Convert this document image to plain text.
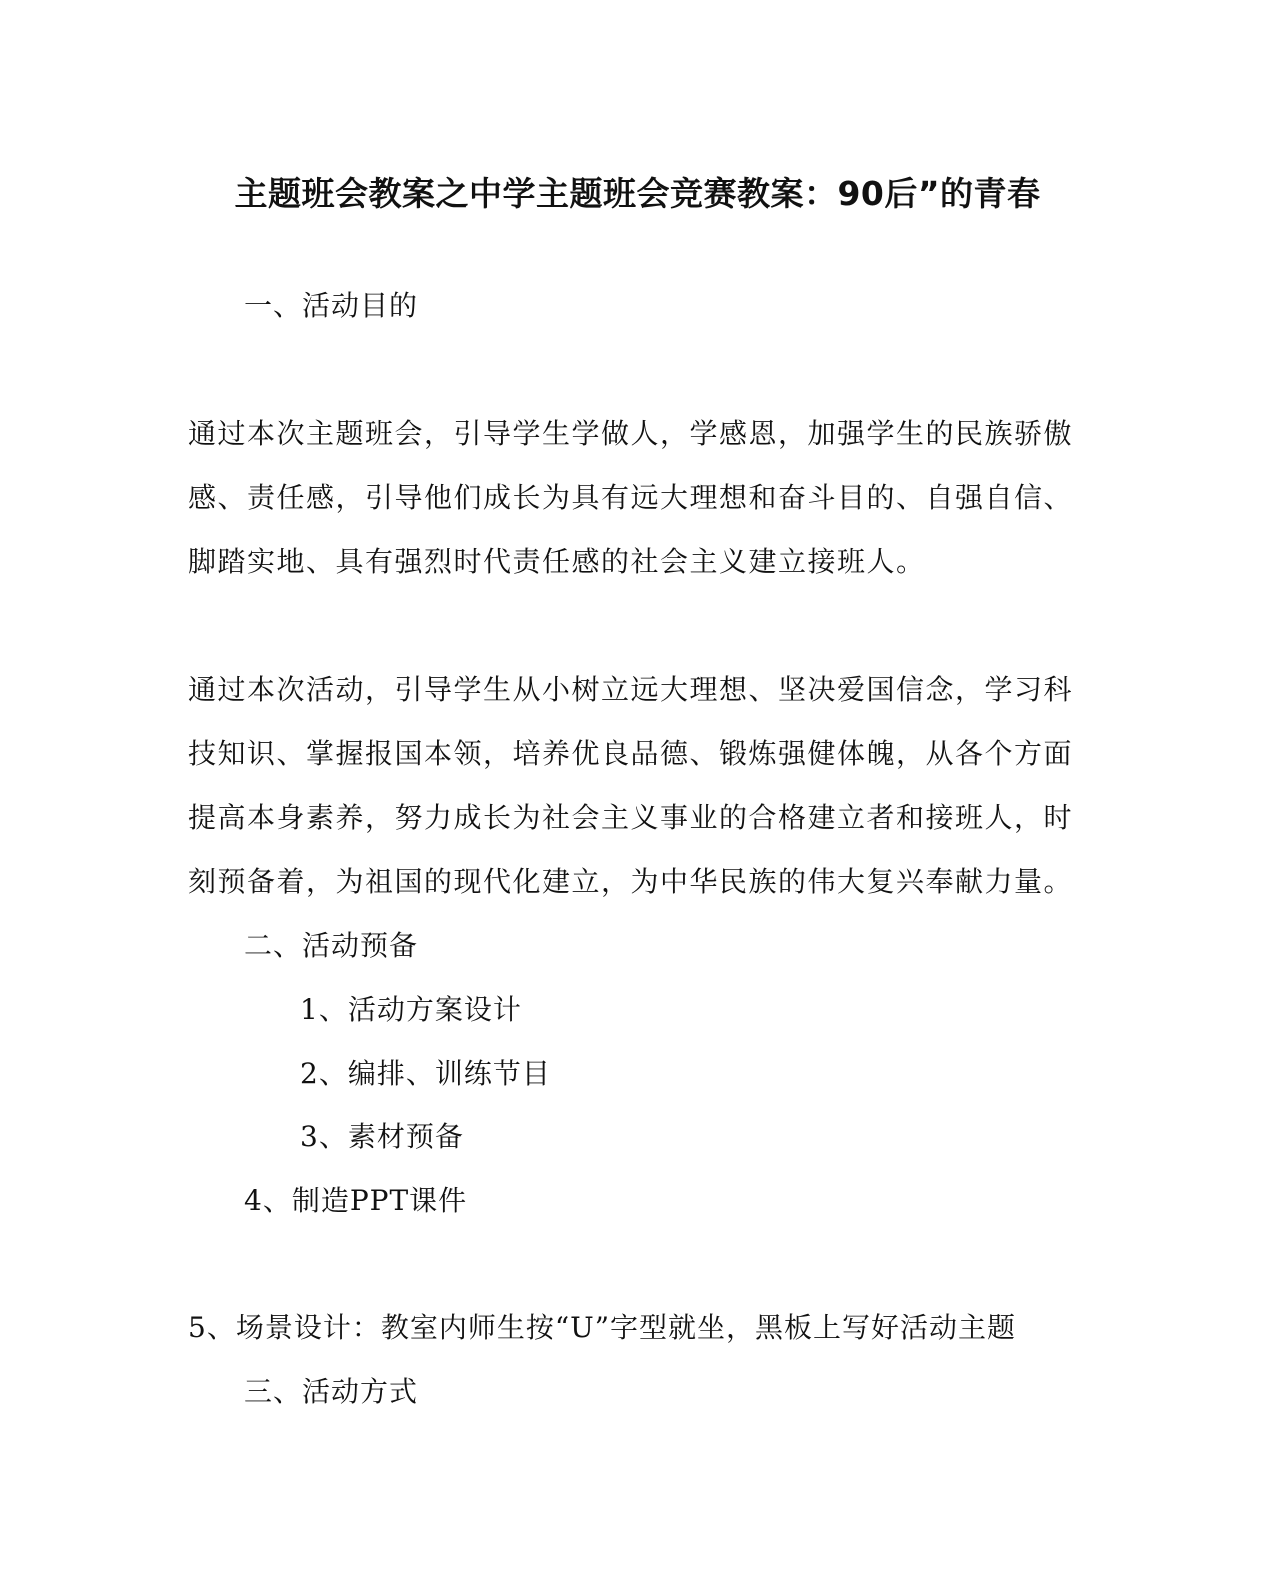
主题班会教案之中学主题班会竞赛教案：90后”的青春
一、活动目的
通过本次主题班会，引导学生学做人，学感恩，加强学生的民族骄傲
感、责任感，引导他们成长为具有远大理想和奋斗目的、自强自信、
脚踏实地、具有强烈时代责任感的社会主义建立接班人。
通过本次活动，引导学生从小树立远大理想、坚决爱国信念，学习科
技知识、掌握报国本领，培养优良品德、锻炼强健体魄，从各个方面
提高本身素养，努力成长为社会主义事业的合格建立者和接班人，时
刻预备着，为祖国的现代化建立，为中华民族的伟大复兴奉献力量。
二、活动预备
1、活动方案设计
2、编排、训练节目
3、素材预备
4、制造PPT课件
5、场景设计：教室内师生按“U”字型就坐，黑板上写好活动主题
三、活动方式
